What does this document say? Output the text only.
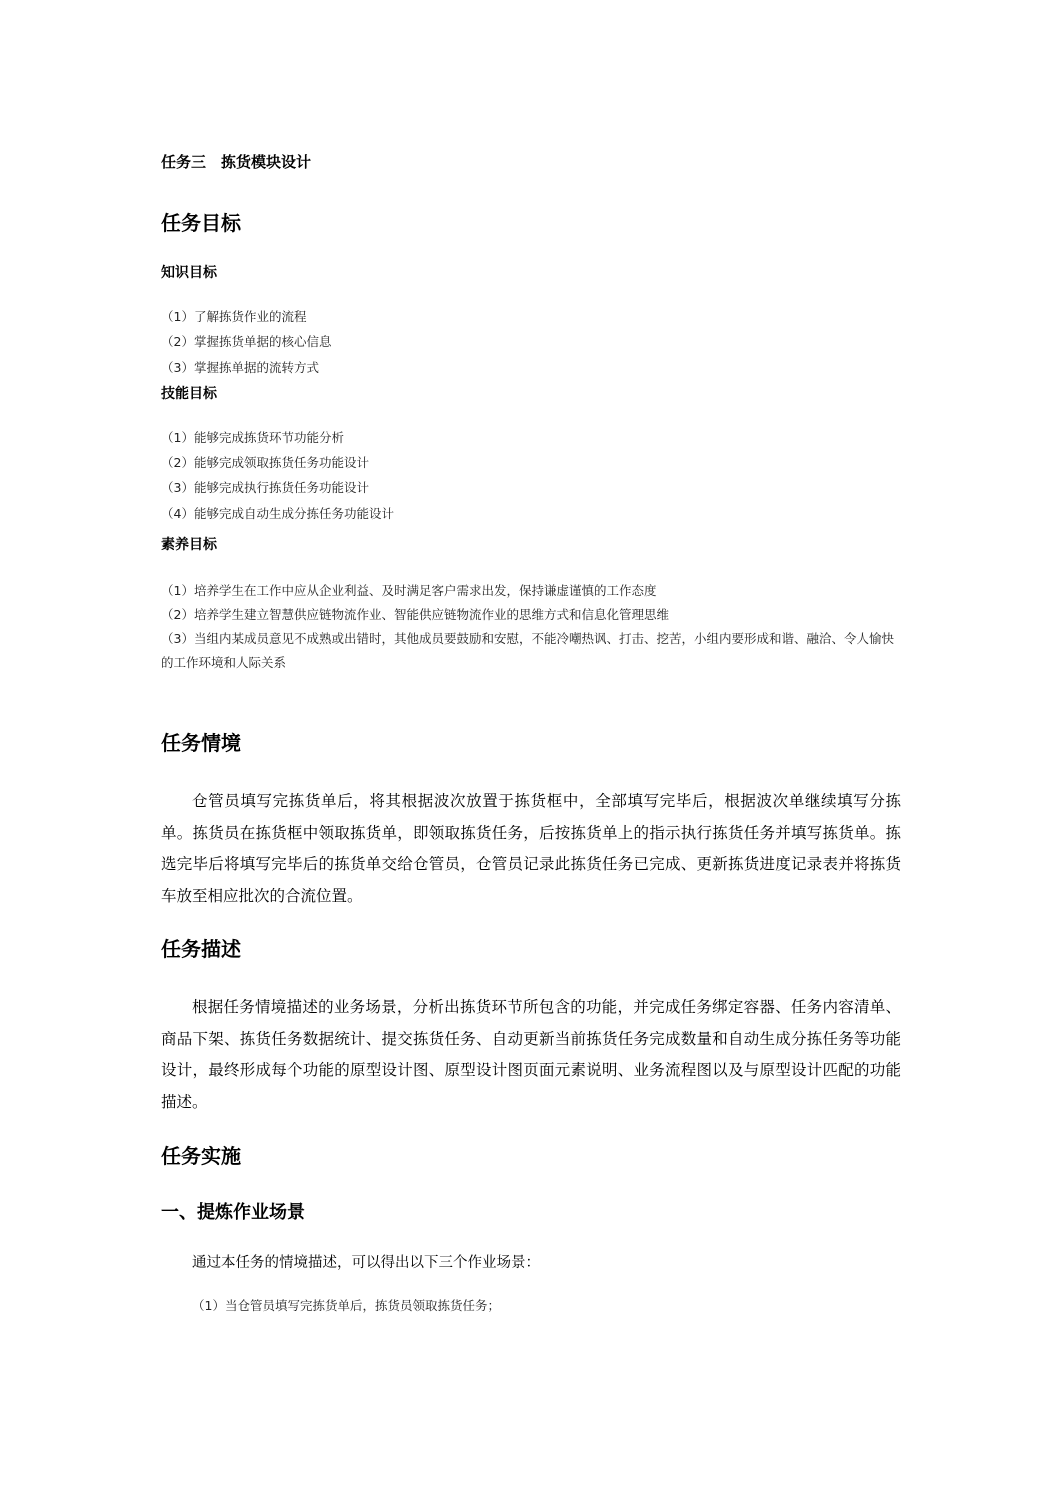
任务三　拣货模块设计

任务目标
知识目标
（1）了解拣货作业的流程
（2）掌握拣货单据的核心信息
（3）掌握拣单据的流转方式
技能目标
（1）能够完成拣货环节功能分析
（2）能够完成领取拣货任务功能设计
（3）能够完成执行拣货任务功能设计
（4）能够完成自动生成分拣任务功能设计
素养目标
（1）培养学生在工作中应从企业利益、及时满足客户需求出发，保持谦虚谨慎的工作态度
（2）培养学生建立智慧供应链物流作业、智能供应链物流作业的思维方式和信息化管理思维
（3）当组内某成员意见不成熟或出错时，其他成员要鼓励和安慰，不能冷嘲热讽、打击、挖苦，小组内要形成和谐、融洽、令人愉快的工作环境和人际关系
任务情境

仓管员填写完拣货单后，将其根据波次放置于拣货框中，全部填写完毕后，根据波次单继续填写分拣单。拣货员在拣货框中领取拣货单，即领取拣货任务，后按拣货单上的指示执行拣货任务并填写拣货单。拣选完毕后将填写完毕后的拣货单交给仓管员，仓管员记录此拣货任务已完成、更新拣货进度记录表并将拣货车放至相应批次的合流位置。

任务描述

根据任务情境描述的业务场景，分析出拣货环节所包含的功能，并完成任务绑定容器、任务内容清单、 商品下架、拣货任务数据统计、提交拣货任务、自动更新当前拣货任务完成数量和自动生成分拣任务等功能设计，最终形成每个功能的原型设计图、原型设计图页面元素说明、业务流程图以及与原型设计匹配的功能描述。

任务实施
一、提炼作业场景

通过本任务的情境描述，可以得出以下三个作业场景：

（1）当仓管员填写完拣货单后，拣货员领取拣货任务；
